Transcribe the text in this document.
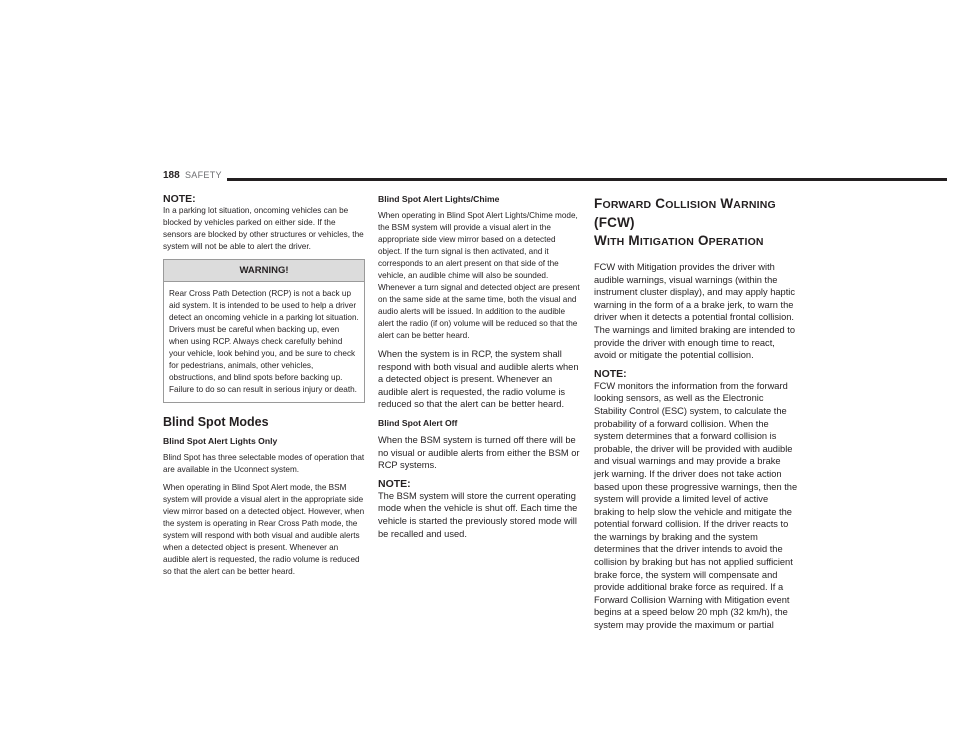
188 SAFETY

NOTE:

In a parking lot situation, oncoming vehicles can be blocked by vehicles parked on either side. If the sensors are blocked by other structures or vehicles, the system will not be able to alert the driver.

WARNING!
Rear Cross Path Detection (RCP) is not a back up aid system. It is intended to be used to help a driver detect an oncoming vehicle in a parking lot situation. Drivers must be careful when backing up, even when using RCP. Always check carefully behind your vehicle, look behind you, and be sure to check for pedestrians, animals, other vehicles, obstructions, and blind spots before backing up. Failure to do so can result in serious injury or death.

Blind Spot Modes

Blind Spot Alert Lights Only

Blind Spot has three selectable modes of operation that are available in the Uconnect system.

When operating in Blind Spot Alert mode, the BSM system will provide a visual alert in the appropriate side view mirror based on a detected object. However, when the system is operating in Rear Cross Path mode, the system will respond with both visual and audible alerts when a detected object is present. Whenever an audible alert is requested, the radio volume is reduced so that the alert can be better heard.

Blind Spot Alert Lights/Chime

When operating in Blind Spot Alert Lights/Chime mode, the BSM system will provide a visual alert in the appropriate side view mirror based on a detected object. If the turn signal is then activated, and it corresponds to an alert present on that side of the vehicle, an audible chime will also be sounded. Whenever a turn signal and detected object are present on the same side at the same time, both the visual and audio alerts will be issued. In addition to the audible alert the radio (if on) volume will be reduced so that the alert can be better heard.

When the system is in RCP, the system shall respond with both visual and audible alerts when a detected object is present. Whenever an audible alert is requested, the radio volume is reduced so that the alert can be better heard.

Blind Spot Alert Off

When the BSM system is turned off there will be no visual or audible alerts from either the BSM or RCP systems.

NOTE:

The BSM system will store the current operating mode when the vehicle is shut off. Each time the vehicle is started the previously stored mode will be recalled and used.

FORWARD COLLISION WARNING (FCW)
WITH MITIGATION OPERATION

FCW with Mitigation provides the driver with audible warnings, visual warnings (within the instrument cluster display), and may apply haptic warning in the form of a a brake jerk, to warn the driver when it detects a potential frontal collision. The warnings and limited braking are intended to provide the driver with enough time to react, avoid or mitigate the potential collision.

NOTE:

FCW monitors the information from the forward looking sensors, as well as the Electronic Stability Control (ESC) system, to calculate the probability of a forward collision. When the system determines that a forward collision is probable, the driver will be provided with audible and visual warnings and may provide a brake jerk warning. If the driver does not take action based upon these progressive warnings, then the system will provide a limited level of active braking to help slow the vehicle and mitigate the potential forward collision. If the driver reacts to the warnings by braking and the system determines that the driver intends to avoid the collision by braking but has not applied sufficient brake force, the system will compensate and provide additional brake force as required. If a Forward Collision Warning with Mitigation event begins at a speed below 20 mph (32 km/h), the system may provide the maximum or partial
